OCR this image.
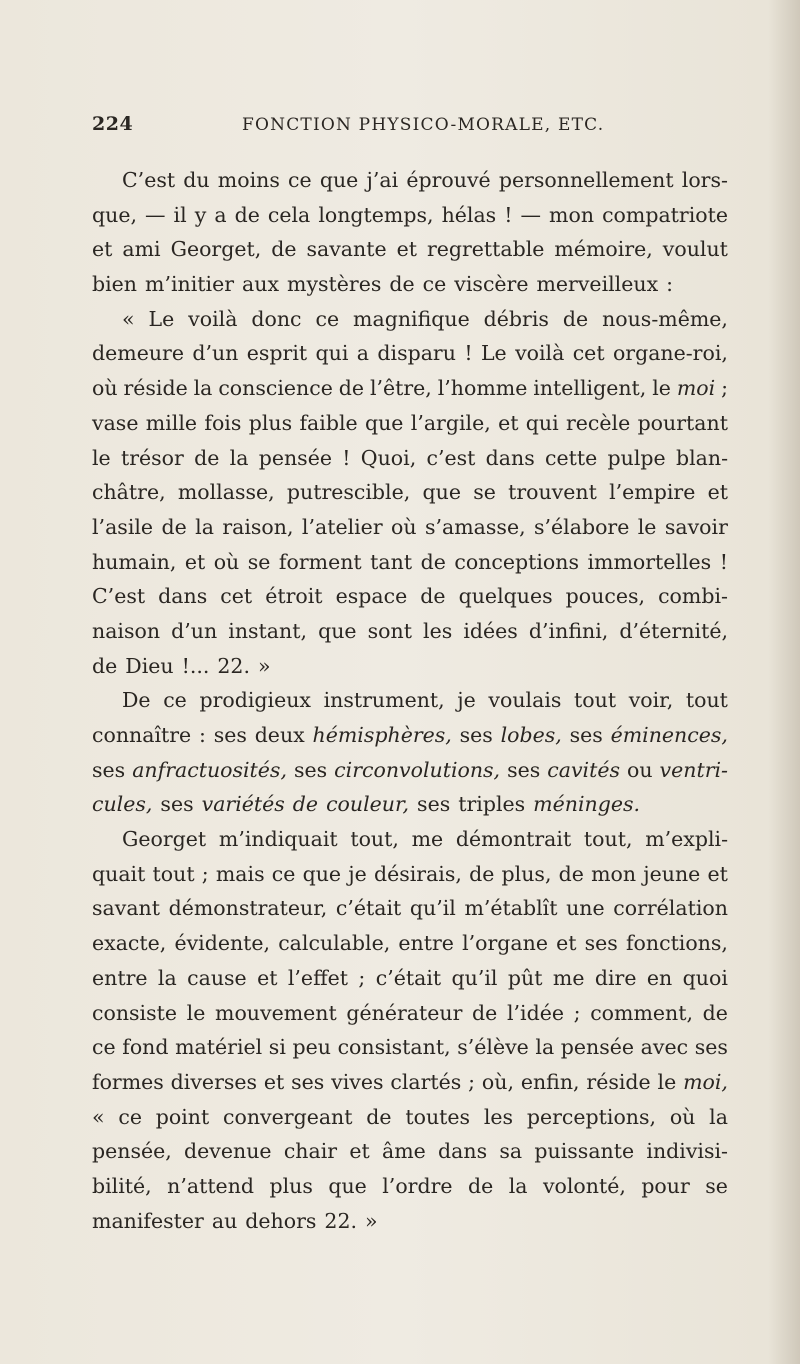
224	FONCTION PHYSICO-MORALE, ETC.
C’est du moins ce que j’ai éprouvé personnellement lors-
que, — il y a de cela longtemps, hélas ! — mon compatriote
et ami Georget, de savante et regrettable mémoire, voulut
bien m’initier aux mystères de ce viscère merveilleux :
« Le voilà donc ce magnifique débris de nous-même,
demeure d’un esprit qui a disparu ! Le voilà cet organe-roi,
où réside la conscience de l’être, l’homme intelligent, le moi ;
vase mille fois plus faible que l’argile, et qui recèle pourtant
le trésor de la pensée ! Quoi, c’est dans cette pulpe blan-
châtre, mollasse, putrescible, que se trouvent l’empire et
l’asile de la raison, l’atelier où s’amasse, s’élabore le savoir
humain, et où se forment tant de conceptions immortelles !
C’est dans cet étroit espace de quelques pouces, combi-
naison d’un instant, que sont les idées d’infini, d’éternité,
de Dieu !... 22. »
De ce prodigieux instrument, je voulais tout voir, tout
connaître : ses deux hémisphères, ses lobes, ses éminences,
ses anfractuosités, ses circonvolutions, ses cavités ou ventri-
cules, ses variétés de couleur, ses triples méninges.
Georget m’indiquait tout, me démontrait tout, m’expli-
quait tout ; mais ce que je désirais, de plus, de mon jeune et
savant démonstrateur, c’était qu’il m’établît une corrélation
exacte, évidente, calculable, entre l’organe et ses fonctions,
entre la cause et l’effet ; c’était qu’il pût me dire en quoi
consiste le mouvement générateur de l’idée ; comment, de
ce fond matériel si peu consistant, s’élève la pensée avec ses
formes diverses et ses vives clartés ; où, enfin, réside le moi,
« ce point convergeant de toutes les perceptions, où la
pensée, devenue chair et âme dans sa puissante indivisi-
bilité, n’attend plus que l’ordre de la volonté, pour se
manifester au dehors 22. »
